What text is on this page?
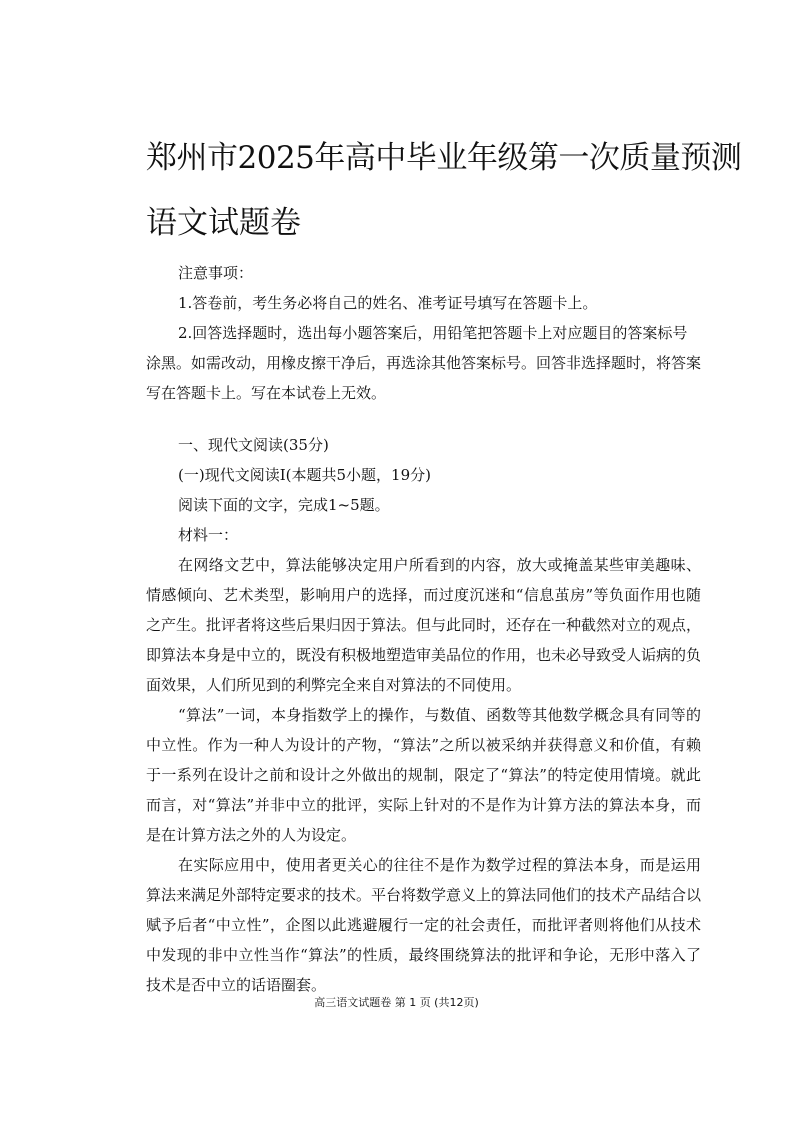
郑州市2025年高中毕业年级第一次质量预测
语文试题卷

注意事项：

1.答卷前，考生务必将自己的姓名、准考证号填写在答题卡上。

2.回答选择题时，选出每小题答案后，用铅笔把答题卡上对应题目的答案标号涂黑。如需改动，用橡皮擦干净后，再选涂其他答案标号。回答非选择题时，将答案写在答题卡上。写在本试卷上无效。

一、现代文阅读(35分)

(一)现代文阅读Ⅰ(本题共5小题，19分)

阅读下面的文字，完成1~5题。

材料一：

在网络文艺中，算法能够决定用户所看到的内容，放大或掩盖某些审美趣味、情感倾向、艺术类型，影响用户的选择，而过度沉迷和“信息茧房”等负面作用也随之产生。批评者将这些后果归因于算法。但与此同时，还存在一种截然对立的观点，即算法本身是中立的，既没有积极地塑造审美品位的作用，也未必导致受人诟病的负面效果，人们所见到的利弊完全来自对算法的不同使用。

“算法”一词，本身指数学上的操作，与数值、函数等其他数学概念具有同等的中立性。作为一种人为设计的产物，“算法”之所以被采纳并获得意义和价值，有赖于一系列在设计之前和设计之外做出的规制，限定了“算法”的特定使用情境。就此而言，对“算法”并非中立的批评，实际上针对的不是作为计算方法的算法本身，而是在计算方法之外的人为设定。

在实际应用中，使用者更关心的往往不是作为数学过程的算法本身，而是运用算法来满足外部特定要求的技术。平台将数学意义上的算法同他们的技术产品结合以赋予后者“中立性”，企图以此逃避履行一定的社会责任，而批评者则将他们从技术中发现的非中立性当作“算法”的性质，最终围绕算法的批评和争论，无形中落入了技术是否中立的话语圈套。

高三语文试题卷 第 1 页 (共12页)
